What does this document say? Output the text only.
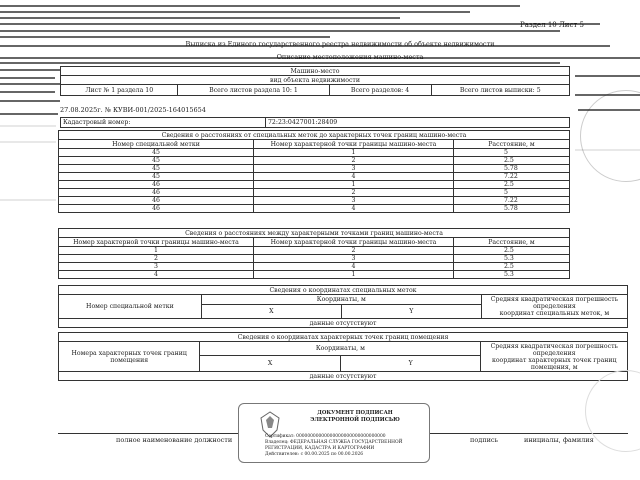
Раздел 10 Лист 5
Выписка из Единого государственного реестра недвижимости об объекте недвижимости
Описание местоположения машино-места
Машино-место
вид объекта недвижимости
Лист № 1 раздела 10	Всего листов раздела 10: 1	Всего разделов: 4	Всего листов выписки: 5
27.08.2025г. № КУВИ-001/2025-164015654
Кадастровый номер:	72:23:0427001:28409
Сведения о расстояниях от специальных меток до характерных точек границ машино-места		
Номер специальной метки	Номер характерной точки границы машино-места	Расстояние, м
45	1	5
45	2	2.5
45	3	5.78
45	4	7.22
46	1	2.5
46	2	5
46	3	7.22
46	4	5.78
Сведения о расстояниях между характерными точками границ машино-места		
Номер характерной точки границы машино-места	Номер характерной точки границы машино-места	Расстояние, м
1	2	2.5
2	3	5.3
3	4	2.5
4	1	5.3
Сведения о координатах специальных меток			
Номер специальной метки	Координаты, м		Средняя квадратическая погрешность
определения
координат специальных меток, м
	X	Y	
данные отсутствуют			
Сведения о координатах характерных точек границ помещения			
Номера характерных точек границ
помещения	Координаты, м		Средняя квадратическая погрешность
определения
координат характерных точек границ
помещения, м
	X	Y	
данные отсутствуют			
полное наименование должности	подпись	инициалы, фамилия
ДОКУМЕНТ ПОДПИСАН
ЭЛЕКТРОННОЙ ПОДПИСЬЮ
Сертификат: 00000000000000000000000000000000
Владелец: ФЕДЕРАЛЬНАЯ СЛУЖБА ГОСУДАРСТВЕННОЙ
РЕГИСТРАЦИИ, КАДАСТРА И КАРТОГРАФИИ
Действителен: с 00.00.2025 по 00.00.2026
